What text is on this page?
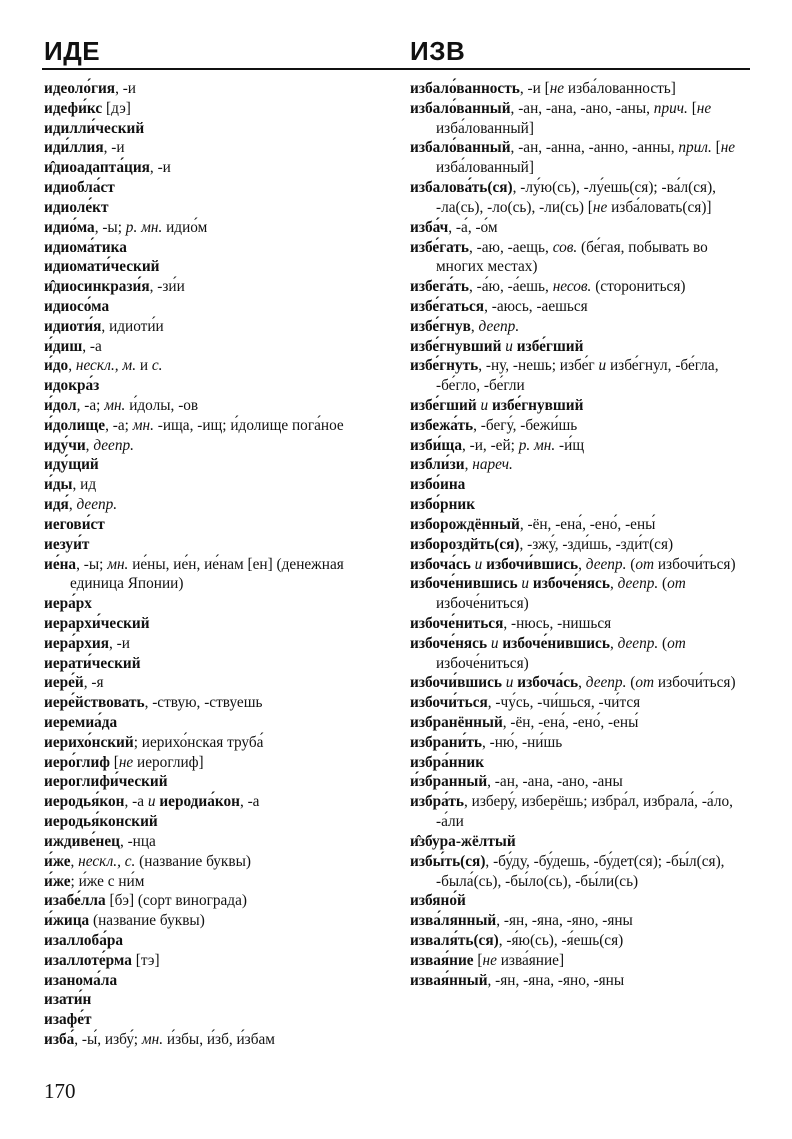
ИДЕ	ИЗВ
идеоло́гия, -и
идефи́кс [дэ]
идилли́ческий
иди́ллия, -и
и̂диоадапта́ция, -и
идиобла́ст
идиоле́кт
идио́ма, -ы; р. мн. идио́м
идиома́тика
идиомати́ческий
и̂диосинкрази́я, -зи́и
идиосо́ма
идиоти́я, идиоти́и
и́диш, -а
и́до, нескл., м. и с.
идокра́з
и́дол, -а; мн. и́долы, -ов
и́долище, -а; мн. -ища, -ищ; и́долище пога́ное
иду́чи, деепр.
иду́щий
и́ды, ид
идя́, деепр.
иегови́ст
иезуи́т
ие́на, -ы; мн. ие́ны, ие́н, ие́нам [ен] (денежная единица Японии)
иера́рх
иерархи́ческий
иера́рхия, -и
иерати́ческий
иере́й, -я
иере́йствовать, -ствую, -ствуешь
иеремиа́да
иерихо́нский; иерихо́нская труба́
иеро́глиф [не иероглиф]
иероглифи́ческий
иеродья́кон, -а и иеродиа́кон, -а
иеродья́конский
иждиве́нец, -нца
и́же, нескл., с. (название буквы)
и́же; и́же с ни́м
изабе́лла [бэ] (сорт винограда)
и́жица (название буквы)
изаллоба́ра
изаллоте́рма [тэ]
изанома́ла
изати́н
изафе́т
изба́, -ы́, избу́; мн. и́збы, и́зб, и́збам
избало́ванность, -и [не изба́лованность]
избало́ванный, -ан, -ана, -ано, -аны, прич. [не изба́лованный]
избало́ванный, -ан, -анна, -анно, -анны, прил. [не изба́лованный]
избалова́ть(ся), -лу́ю(сь), -лу́ешь(ся); -ва́л(ся), -ла(сь), -ло(сь), -ли(сь) [не изба́ловать(ся)]
изба́ч, -а́, -о́м
избе́гать, -аю, -аещь, сов. (бе́гая, побывать во многих местах)
избега́ть, -а́ю, -а́ешь, несов. (сторониться)
избе́гаться, -аюсь, -аешься
избе́гнув, деепр.
избе́гнувший и избе́гший
избе́гнуть, -ну, -нешь; избе́г и избе́гнул, -бе́гла, -бе́гло, -бе́гли
избе́гший и избе́гнувший
избежа́ть, -бегу́, -бежи́шь
изби́ща, -и, -ей; р. мн. -и́щ
избли́зи, нареч.
избо́ина
избо́рник
изборождённый, -ён, -ена́, -ено́, -ены́
избороздйть(ся), -зжу́, -зди́шь, -зди́т(ся)
избоча́сь и избочи́вшись, деепр. (от избочи́ться)
избоче́нившись и избоче́нясь, деепр. (от избоче́ниться)
избоче́ниться, -нюсь, -нишься
избоче́нясь и избоче́нившись, деепр. (от избоче́ниться)
избочи́вшись и избоча́сь, деепр. (от избочи́ться)
избочи́ться, -чу́сь, -чи́шься, -чи́тся
избранённый, -ён, -ена́, -ено́, -ены́
избрани́ть, -ню́, -ни́шь
избра́нник
и́збранный, -ан, -ана, -ано, -аны
избра́ть, изберу́, изберёшь; избра́л, избрала́, -а́ло, -а́ли
и̂збура-жёлтый
избы́ть(ся), -бу́ду, -бу́дешь, -бу́дет(ся); -бы́л(ся), -была́(сь), -бы́ло(сь), -бы́ли(сь)
избяно́й
изва́лянный, -ян, -яна, -яно, -яны
изваля́ть(ся), -я́ю(сь), -я́ешь(ся)
извая́ние [не изва́яние]
извая́нный, -ян, -яна, -яно, -яны
170
